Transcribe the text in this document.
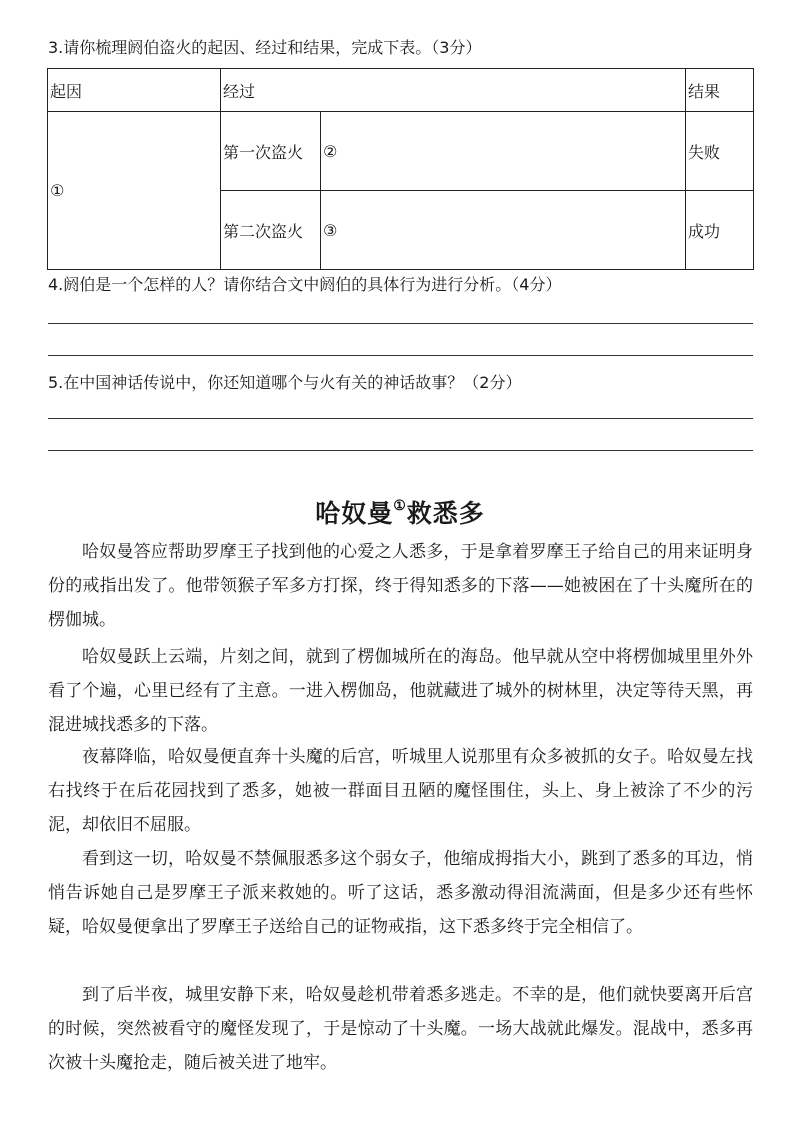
3.请你梳理阏伯盗火的起因、经过和结果，完成下表。（3分）
起因	经过		结果
①	第一次盗火	②	失败
	第二次盗火	③	成功
4.阏伯是一个怎样的人？请你结合文中阏伯的具体行为进行分析。（4分）
5.在中国神话传说中，你还知道哪个与火有关的神话故事？（2分）
哈奴曼①救悉多

哈奴曼答应帮助罗摩王子找到他的心爱之人悉多，于是拿着罗摩王子给自己的用来证明身份的戒指出发了。他带领猴子军多方打探，终于得知悉多的下落——她被困在了十头魔所在的楞伽城。

哈奴曼跃上云端，片刻之间，就到了楞伽城所在的海岛。他早就从空中将楞伽城里里外外看了个遍，心里已经有了主意。一进入楞伽岛，他就藏进了城外的树林里，决定等待天黑，再混进城找悉多的下落。

夜幕降临，哈奴曼便直奔十头魔的后宫，听城里人说那里有众多被抓的女子。哈奴曼左找右找终于在后花园找到了悉多，她被一群面目丑陋的魔怪围住，头上、身上被涂了不少的污泥，却依旧不屈服。

看到这一切，哈奴曼不禁佩服悉多这个弱女子，他缩成拇指大小，跳到了悉多的耳边，悄悄告诉她自己是罗摩王子派来救她的。听了这话，悉多激动得泪流满面，但是多少还有些怀疑，哈奴曼便拿出了罗摩王子送给自己的证物戒指，这下悉多终于完全相信了。

到了后半夜，城里安静下来，哈奴曼趁机带着悉多逃走。不幸的是，他们就快要离开后宫的时候，突然被看守的魔怪发现了，于是惊动了十头魔。一场大战就此爆发。混战中，悉多再次被十头魔抢走，随后被关进了地牢。
